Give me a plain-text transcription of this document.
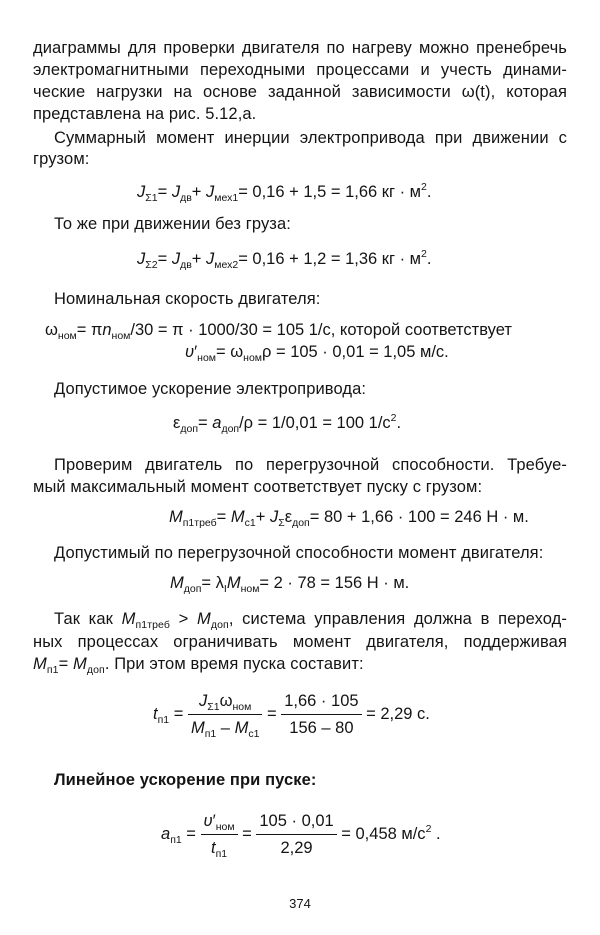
диаграммы для проверки двигателя по нагреву можно пренебречь
электромагнитными переходными процессами и учесть динами-
ческие нагрузки на основе заданной зависимости ω(t), которая
представлена на рис. 5.12,а.
Суммарный момент инерции электропривода при движении с
грузом:
$J_{\Sigma 1}= J_{дв}+ J_{мех1}= 0,16 + 1,5 = 1,66$ кг · $м^2$.
То же при движении без груза:
$J_{\Sigma 2}= J_{дв}+ J_{мех2}= 0,16 + 1,2 = 1,36$ кг · $м^2$.
Номинальная скорость двигателя:
$\omega_{ном}= \pi n_{ном}/30 = \pi \cdot 1000/30 = 105$ 1/с, которой соответствует
$\upsilon'_{ном}= \omega_{ном}\rho = 105 \cdot 0,01 = 1,05$ м/с.
Допустимое ускорение электропривода:
$\varepsilon_{доп}= a_{доп}/\rho = 1/0,01 = 100$ $1/с^2$.
Проверим двигатель по перегрузочной способности. Требуе-
мый максимальный момент соответствует пуску с грузом:
$M_{п1треб}= M_{с1}+ J_\Sigma\varepsilon_{доп}= 80 + 1,66 \cdot 100 = 246$ Н · м.
Допустимый по перегрузочной способности момент двигателя:
$M_{доп}= \lambda_IM_{ном}= 2 \cdot 78 = 156$ Н · м.
Так как $M_{п1треб} > M_{доп}$, система управления должна в переход-
ных процессах ограничивать момент двигателя, поддерживая
$M_{п1}= M_{доп}$. При этом время пуска составит:
$t_{п1} = \frac{J_{\Sigma 1}\omega_{ном}}{M_{п1} - M_{с1}} = \frac{1,66 \cdot 105}{156 - 80} = 2,29$ с.
Линейное ускорение при пуске:
$a_{п1} = \frac{\upsilon'_{ном}}{t_{п1}} = \frac{105 \cdot 0,01}{2,29} = 0,458$ $м/с^2$ .
374
